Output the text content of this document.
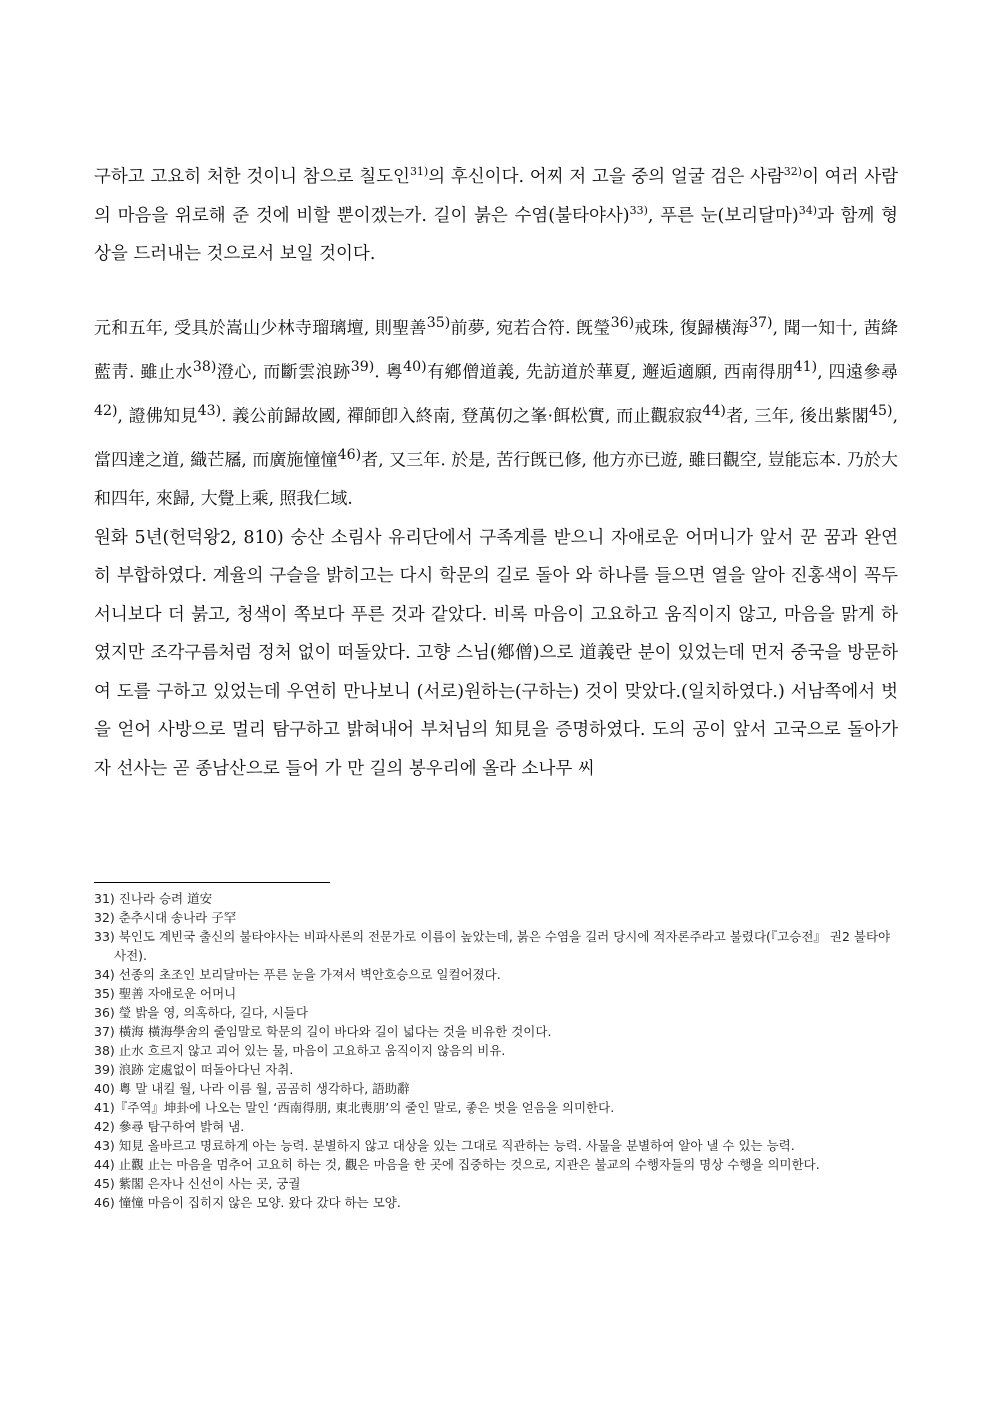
구하고 고요히 처한 것이니 참으로 칠도인$^{31)}$의 후신이다. 어찌 저 고을 중의 얼굴 검은 사람$^{32)}$이 여러 사람의 마음을 위로해 준 것에 비할 뿐이겠는가. 길이 붉은 수염(불타야사)$^{33)}$, 푸른 눈(보리달마)$^{34)}$과 함께 형상을 드러내는 것으로서 보일 것이다.

元和五年, 受具於嵩山少林寺瑠璃壇, 則聖善$^{35)}$前夢, 宛若合符. 旣瑩$^{36)}$戒珠, 復歸橫海$^{37)}$, 聞一知十, 茜絳藍靑. 雖止水$^{38)}$澄心, 而斷雲浪跡$^{39)}$. 粵$^{40)}$有鄕僧道義, 先訪道於華夏, 邂逅適願, 西南得朋$^{41)}$, 四遠參尋$^{42)}$, 證佛知見$^{43)}$. 義公前歸故國, 禪師卽入終南, 登萬仞之峯·餌松實, 而止觀寂寂$^{44)}$者, 三年, 後出紫閣$^{45)}$, 當四達之道, 織芒屩, 而廣施憧憧$^{46)}$者, 又三年. 於是, 苦行旣已修, 他方亦已遊, 雖曰觀空, 豈能忘本. 乃於大和四年, 來歸, 大覺上乘, 照我仁域.

원화 5년(헌덕왕2, 810) 숭산 소림사 유리단에서 구족계를 받으니 자애로운 어머니가 앞서 꾼 꿈과 완연히 부합하였다. 계율의 구슬을 밝히고는 다시 학문의 길로 돌아 와 하나를 들으면 열을 알아 진홍색이 꼭두서니보다 더 붉고, 청색이 쪽보다 푸른 것과 같았다. 비록 마음이 고요하고 움직이지 않고, 마음을 맑게 하였지만 조각구름처럼 정처 없이 떠돌았다. 고향 스님(鄕僧)으로 道義란 분이 있었는데 먼저 중국을 방문하여 도를 구하고 있었는데 우연히 만나보니 (서로)원하는(구하는) 것이 맞았다.(일치하였다.) 서남쪽에서 벗을 얻어 사방으로 멀리 탐구하고 밝혀내어 부처님의 知見을 증명하였다. 도의 공이 앞서 고국으로 돌아가자 선사는 곧 종남산으로 들어 가 만 길의 봉우리에 올라 소나무 씨

31) 진나라 승려 道安

32) 춘추시대 송나라 子罕

33) 북인도 계빈국 출신의 불타야사는 비파사론의 전문가로 이름이 높았는데, 붉은 수염을 길러 당시에 적자론주라고 불렸다(『고승전』 권2 불타야사전).

34) 선종의 초조인 보리달마는 푸른 눈을 가져서 벽안호승으로 일컬어졌다.

35) 聖善 자애로운 어머니

36) 瑩 밝을 영, 의혹하다, 길다, 시들다

37) 橫海 橫海學舍의 줄임말로 학문의 길이 바다와 길이 넓다는 것을 비유한 것이다.

38) 止水 흐르지 않고 괴어 있는 물, 마음이 고요하고 움직이지 않음의 비유.

39) 浪跡 定處없이 떠돌아다닌 자취.

40) 粵 말 내킬 월, 나라 이름 월, 곰곰히 생각하다, 語助辭

41)『주역』坤卦에 나오는 말인 ‘西南得朋, 東北喪朋’의 줄인 말로, 좋은 벗을 얻음을 의미한다.

42) 參尋 탐구하여 밝혀 냄.

43) 知見 올바르고 명료하게 아는 능력. 분별하지 않고 대상을 있는 그대로 직관하는 능력. 사물을 분별하여 알아 낼 수 있는 능력.

44) 止觀 止는 마음을 멈추어 고요히 하는 것, 觀은 마음을 한 곳에 집중하는 것으로, 지관은 불교의 수행자들의 명상 수행을 의미한다.

45) 紫閣 은자나 신선이 사는 곳, 궁궐

46) 憧憧 마음이 집히지 않은 모양. 왔다 갔다 하는 모양.
